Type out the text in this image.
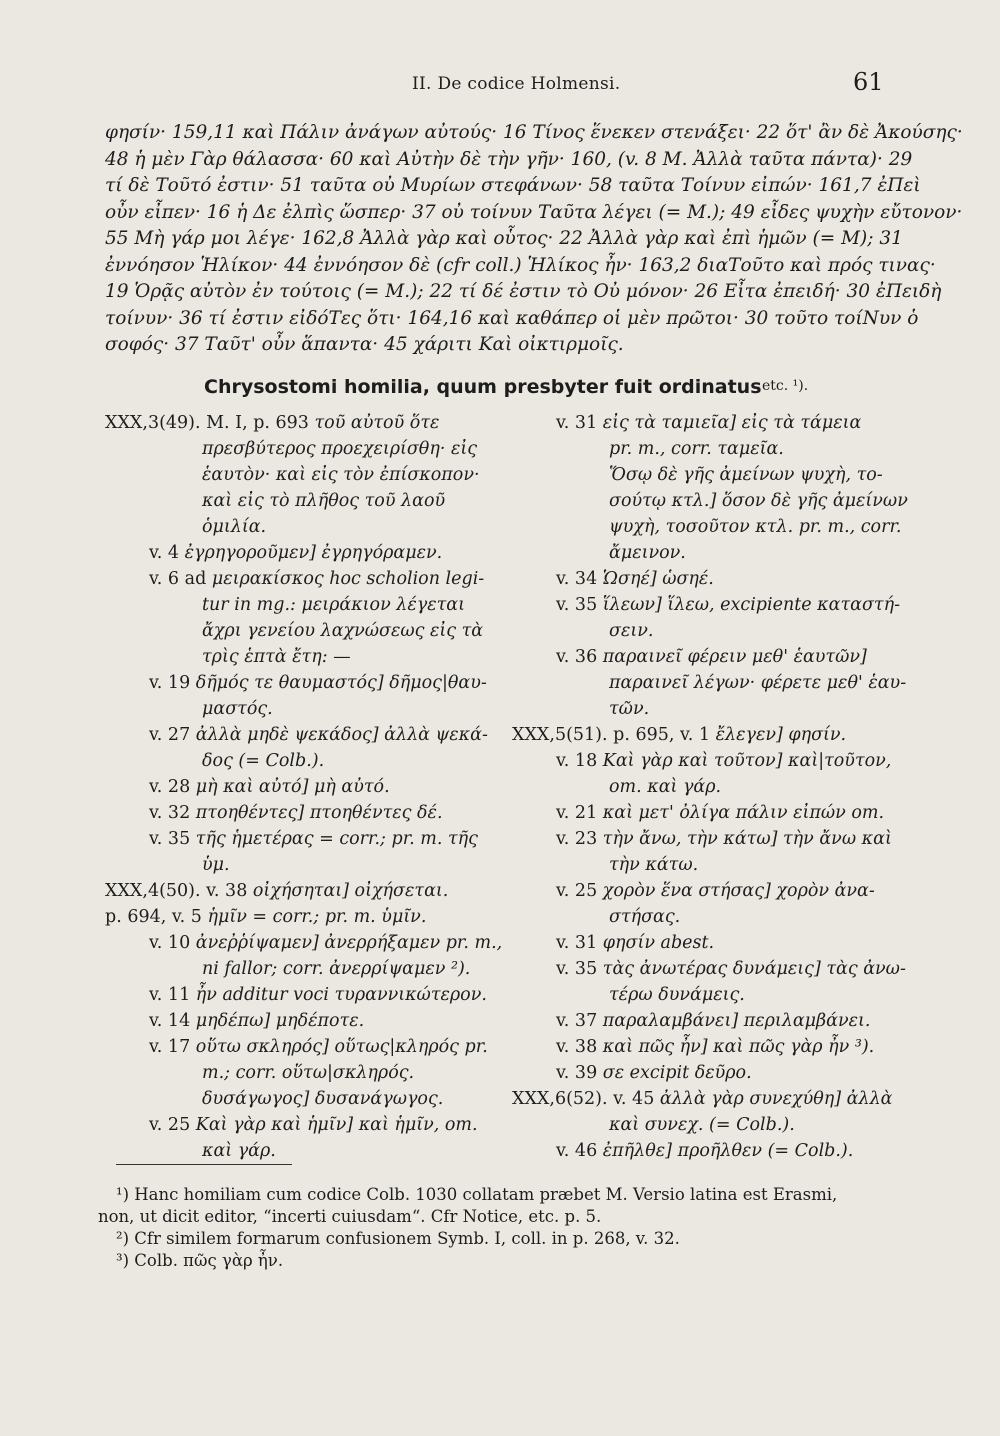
II. De codice Holmensi.	61
φησίν· 159,11 καὶ Πάλιν ἀνάγων αὐτούς· 16 Τίνος ἕνεκεν στενάξει· 22 ὅτ' ἂν δὲ Ἀκούσης·
48 ἡ μὲν Γὰρ θάλασσα· 60 καὶ Αὐτὴν δὲ τὴν γῆν· 160, (v. 8 M. Ἀλλὰ ταῦτα πάντα)· 29
τί δὲ Τοῦτό ἐστιν· 51 ταῦτα οὐ Μυρίων στεφάνων· 58 ταῦτα Τοίνυν εἰπών· 161,7 ἐΠεὶ
οὖν εἶπεν· 16 ἡ Δε ἐλπὶς ὥσπερ· 37 οὐ τοίνυν Ταῦτα λέγει (= M.); 49 εἶδες ψυχὴν εὔτονον·
55 Μὴ γάρ μοι λέγε· 162,8 Ἀλλὰ γὰρ καὶ οὗτος· 22 Ἀλλὰ γὰρ καὶ ἐπὶ ἡμῶν (= M); 31
ἐννόησον Ἡλίκον· 44 ἐννόησον δὲ (cfr coll.) Ἡλίκος ἦν· 163,2 διαΤοῦτο καὶ πρός τινας·
19 Ὁρᾷς αὐτὸν ἐν τούτοις (= M.); 22 τί δέ ἐστιν τὸ Οὐ μόνον· 26 Εἶτα ἐπειδή· 30 ἐΠειδὴ
τοίνυν· 36 τί ἐστιν εἰδόΤες ὅτι· 164,16 καὶ καθάπερ οἱ μὲν πρῶτοι· 30 τοῦτο τοίΝυν ὁ
σοφός· 37 Ταῦτ' οὖν ἅπαντα· 45 χάριτι Καὶ οἰκτιρμοῖς.
Chrysostomi homilia, quum presbyter fuit ordinatus etc. ¹).
XXX,3(49). M. I, p. 693 τοῦ αὐτοῦ ὅτε
πρεσβύτερος προεχειρίσθη· εἰς
ἑαυτὸν· καὶ εἰς τὸν ἐπίσκοπον·
καὶ εἰς τὸ πλῆθος τοῦ λαοῦ
ὁμιλία.
v. 4 ἐγρηγοροῦμεν] ἐγρηγόραμεν.
v. 6 ad μειρακίσκος hoc scholion legi-
tur in mg.: μειράκιον λέγεται
ἄχρι γενείου λαχνώσεως εἰς τὰ
τρὶς ἑπτὰ ἔτη: —
v. 19 δῆμός τε θαυμαστός] δῆμος|θαυ-
μαστός.
v. 27 ἀλλὰ μηδὲ ψεκάδος] ἀλλὰ ψεκά-
δος (= Colb.).
v. 28 μὴ καὶ αὐτό] μὴ αὐτό.
v. 32 πτοηθέντες] πτοηθέντες δέ.
v. 35 τῆς ἡμετέρας = corr.; pr. m. τῆς
ὑμ.
XXX,4(50). v. 38 οἰχήσηται] οἰχήσεται.
p. 694, v. 5 ἡμῖν = corr.; pr. m. ὑμῖν.
v. 10 ἀνεῤῥίψαμεν] ἀνερρήξαμεν pr. m.,
ni fallor; corr. ἀνερρίψαμεν ²).
v. 11 ἦν additur voci τυραννικώτερον.
v. 14 μηδέπω] μηδέποτε.
v. 17 οὕτω σκληρός] οὕτως|κληρός pr.
m.; corr. οὕτω|σκληρός.
δυσάγωγος] δυσανάγωγος.
v. 25 Καὶ γὰρ καὶ ἡμῖν] καὶ ἡμῖν, om.
καὶ γάρ.
v. 31 εἰς τὰ ταμιεῖα] εἰς τὰ τάμεια
pr. m., corr. ταμεῖα.
Ὅσῳ δὲ γῆς ἀμείνων ψυχὴ, το-
σούτῳ κτλ.] ὅσον δὲ γῆς ἀμείνων
ψυχὴ, τοσοῦτον κτλ. pr. m., corr.
ἄμεινον.
v. 34 Ὡσηέ] ὡσηέ.
v. 35 ἵλεων] ἵλεω, excipiente καταστή-
σειν.
v. 36 παραινεῖ φέρειν μεθ' ἑαυτῶν]
παραινεῖ λέγων· φέρετε μεθ' ἑαυ-
τῶν.
XXX,5(51). p. 695, v. 1 ἔλεγεν] φησίν.
v. 18 Καὶ γὰρ καὶ τοῦτον] καὶ|τοῦτον,
om. καὶ γάρ.
v. 21 καὶ μετ' ὀλίγα πάλιν εἰπών om.
v. 23 τὴν ἄνω, τὴν κάτω] τὴν ἄνω καὶ
τὴν κάτω.
v. 25 χορὸν ἕνα στήσας] χορὸν ἀνα-
στήσας.
v. 31 φησίν abest.
v. 35 τὰς ἀνωτέρας δυνάμεις] τὰς ἀνω-
τέρω δυνάμεις.
v. 37 παραλαμβάνει] περιλαμβάνει.
v. 38 καὶ πῶς ἦν] καὶ πῶς γὰρ ἦν ³).
v. 39 σε excipit δεῦρο.
XXX,6(52). v. 45 ἀλλὰ γὰρ συνεχύθη] ἀλλὰ
καὶ συνεχ. (= Colb.).
v. 46 ἐπῆλθε] προῆλθεν (= Colb.).
¹) Hanc homiliam cum codice Colb. 1030 collatam præbet M. Versio latina est Erasmi,
non, ut dicit editor, “incerti cuiusdam“. Cfr Notice, etc. p. 5.
²) Cfr similem formarum confusionem Symb. I, coll. in p. 268, v. 32.
³) Colb. πῶς γὰρ ἦν.
